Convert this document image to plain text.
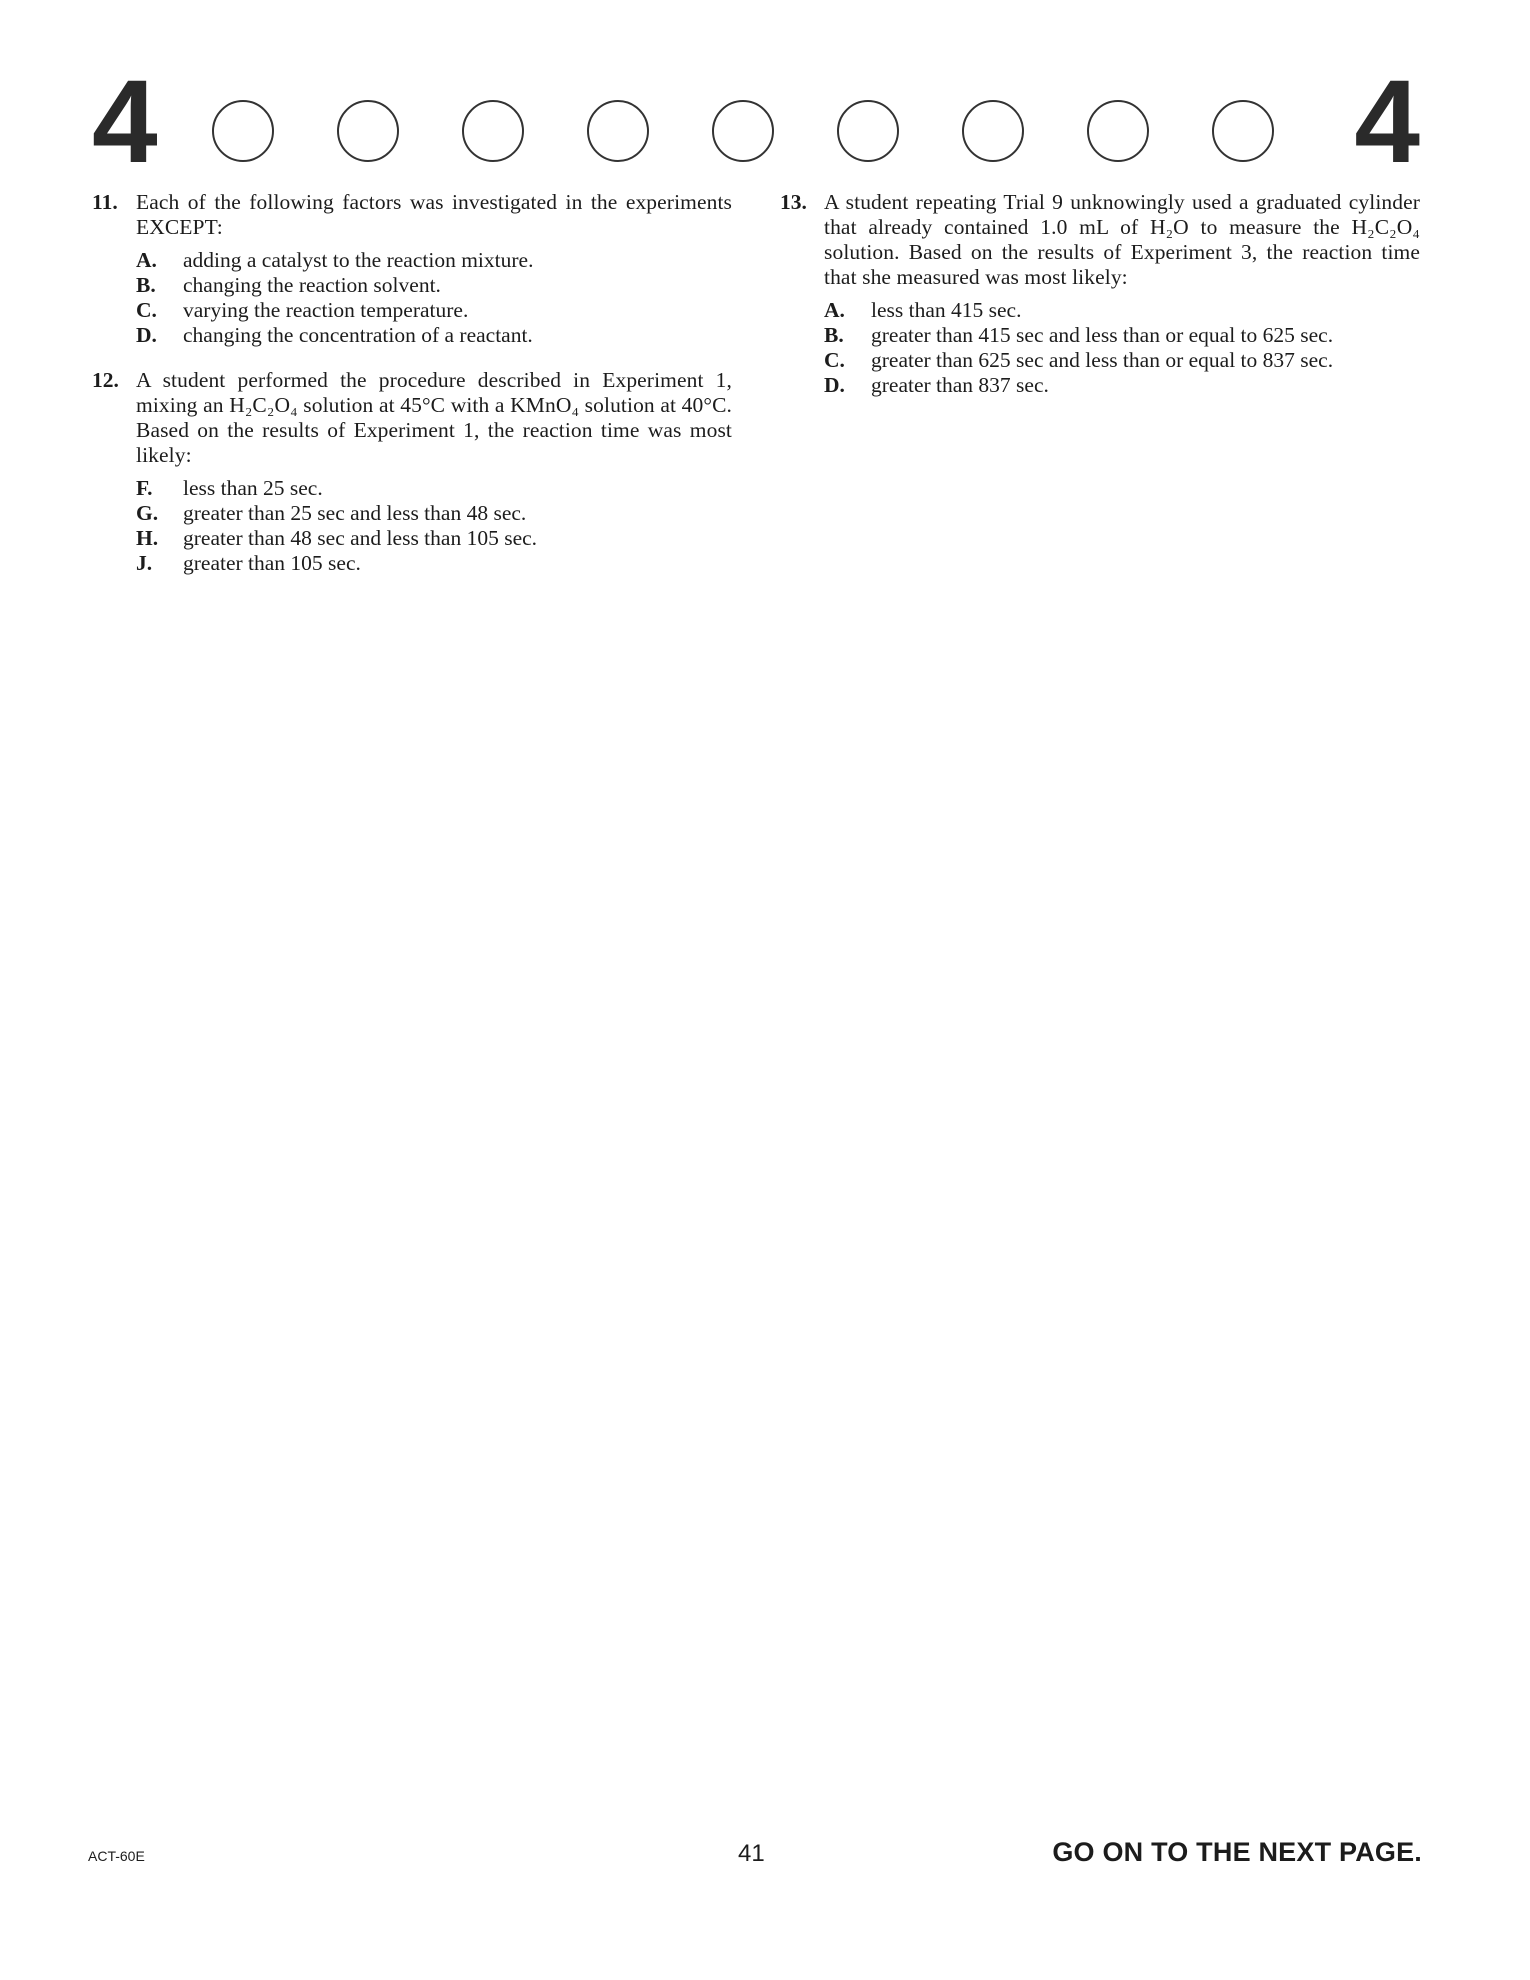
4	4
11. Each of the following factors was investigated in the experiments EXCEPT:
A. adding a catalyst to the reaction mixture.
B. changing the reaction solvent.
C. varying the reaction temperature.
D. changing the concentration of a reactant.
12. A student performed the procedure described in Experiment 1, mixing an H₂C₂O₄ solution at 45°C with a KMnO₄ solution at 40°C. Based on the results of Experiment 1, the reaction time was most likely:
F. less than 25 sec.
G. greater than 25 sec and less than 48 sec.
H. greater than 48 sec and less than 105 sec.
J. greater than 105 sec.
13. A student repeating Trial 9 unknowingly used a graduated cylinder that already contained 1.0 mL of H₂O to measure the H₂C₂O₄ solution. Based on the results of Experiment 3, the reaction time that she measured was most likely:
A. less than 415 sec.
B. greater than 415 sec and less than or equal to 625 sec.
C. greater than 625 sec and less than or equal to 837 sec.
D. greater than 837 sec.
ACT-60E	41	GO ON TO THE NEXT PAGE.
